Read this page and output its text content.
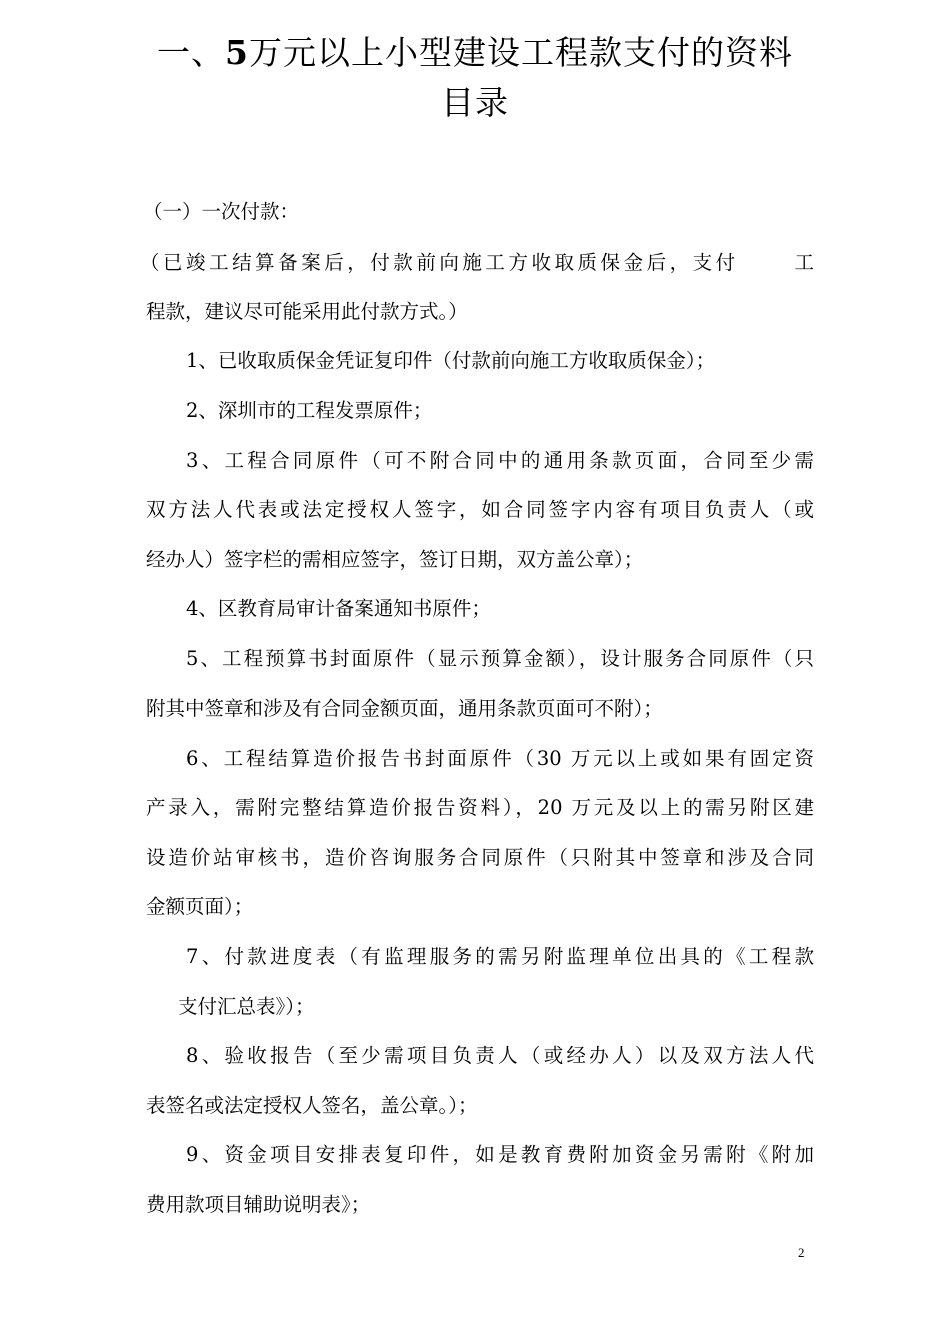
一、5万元以上小型建设工程款支付的资料
目录

（一）一次付款：

（已竣工结算备案后，付款前向施工方收取质保金后，支付　　 工

程款，建议尽可能采用此付款方式。）

1、已收取质保金凭证复印件（付款前向施工方收取质保金）；

2、深圳市的工程发票原件；

3、工程合同原件（可不附合同中的通用条款页面，合同至少需

双方法人代表或法定授权人签字，如合同签字内容有项目负责人（或

经办人）签字栏的需相应签字，签订日期，双方盖公章）；

4、区教育局审计备案通知书原件；

5、工程预算书封面原件（显示预算金额），设计服务合同原件（只

附其中签章和涉及有合同金额页面，通用条款页面可不附）；

6、工程结算造价报告书封面原件（30 万元以上或如果有固定资

产录入，需附完整结算造价报告资料），20 万元及以上的需另附区建

设造价站审核书，造价咨询服务合同原件（只附其中签章和涉及合同

金额页面）；

7、付款进度表（有监理服务的需另附监理单位出具的《工程款

支付汇总表》）；

8、验收报告（至少需项目负责人（或经办人）以及双方法人代

表签名或法定授权人签名，盖公章。）；

9、资金项目安排表复印件，如是教育费附加资金另需附《附加

费用款项目辅助说明表》；

2
